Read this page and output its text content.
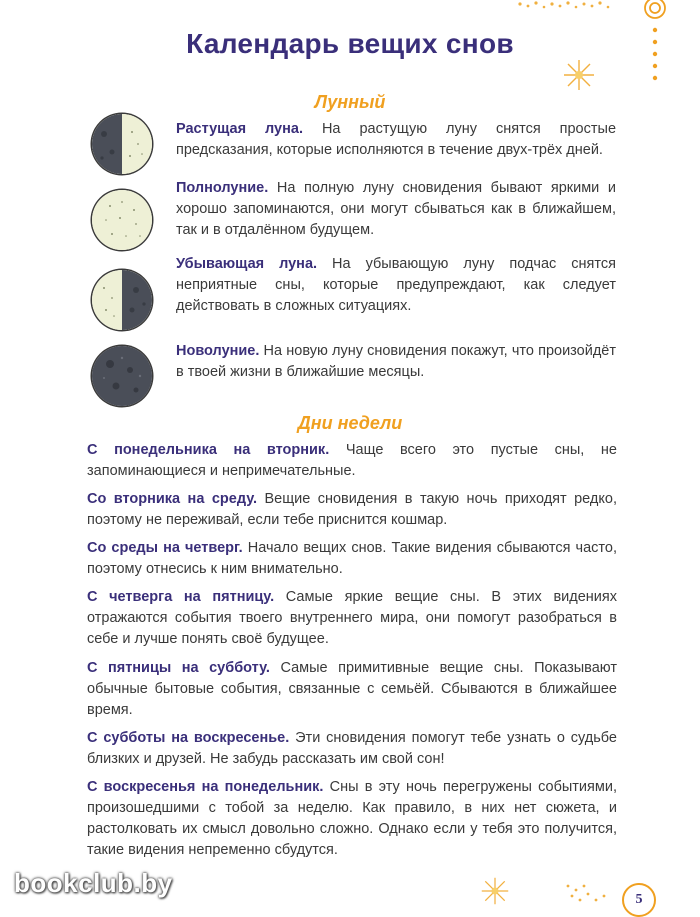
Календарь вещих снов
Лунный
Растущая луна. На растущую луну снятся простые предсказания, которые исполняются в течение двух-трёх дней.
Полнолуние. На полную луну сновидения бывают яркими и хорошо запоминаются, они могут сбываться как в ближайшем, так и в отдалённом будущем.
Убывающая луна. На убывающую луну подчас снятся неприятные сны, которые предупреждают, как следует действовать в сложных ситуациях.
Новолуние. На новую луну сновидения покажут, что произойдёт в твоей жизни в ближайшие месяцы.
Дни недели
С понедельника на вторник. Чаще всего это пустые сны, не запоминающиеся и непримечательные.
Со вторника на среду. Вещие сновидения в такую ночь приходят редко, поэтому не переживай, если тебе приснится кошмар.
Со среды на четверг. Начало вещих снов. Такие видения сбываются часто, поэтому отнесись к ним внимательно.
С четверга на пятницу. Самые яркие вещие сны. В этих видениях отражаются события твоего внутреннего мира, они помогут разобраться в себе и лучше понять своё будущее.
С пятницы на субботу. Самые примитивные вещие сны. Показывают обычные бытовые события, связанные с семьёй. Сбываются в ближайшее время.
С субботы на воскресенье. Эти сновидения помогут тебе узнать о судьбе близких и друзей. Не забудь рассказать им свой сон!
С воскресенья на понедельник. Сны в эту ночь перегружены событиями, произошедшими с тобой за неделю. Как правило, в них нет сюжета, и растолковать их смысл довольно сложно. Однако если у тебя это получится, такие видения непременно сбудутся.
bookclub.by
5
